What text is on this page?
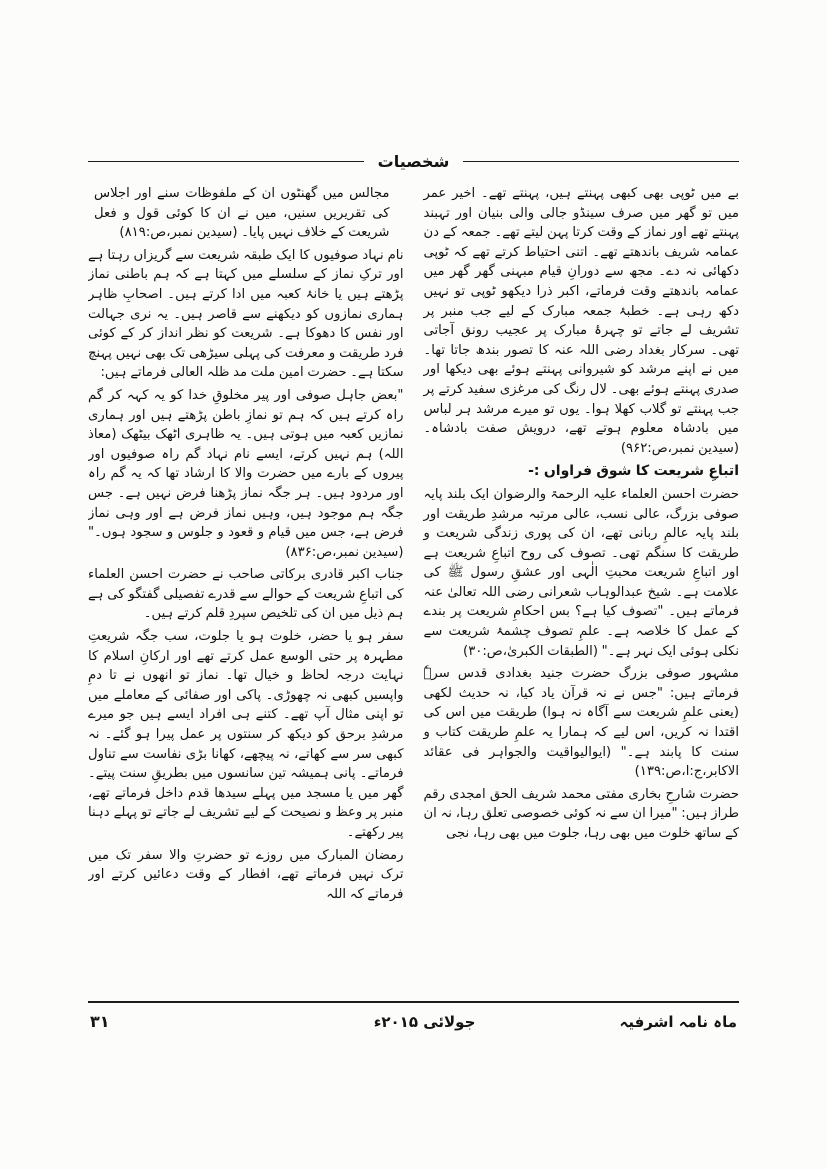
شخصیات

بے میں ٹوپی بھی کبھی پہنتے ہیں، پہنتے تھے۔ اخیر عمر میں تو گھر میں صرف سینڈو جالی والی بنیان اور تہبند پہنتے تھے اور نماز کے وقت کرتا پہن لیتے تھے۔ جمعہ کے دن عمامہ شریف باندھتے تھے۔ اتنی احتیاط کرتے تھے کہ ٹوپی دکھائی نہ دے۔ مجھ سے دورانِ قیام مبہنی گھر گھر میں عمامہ باندھتے وقت فرماتے، اکبر ذرا دیکھو ٹوپی تو نہیں دکھ رہی ہے۔ خطبۂ جمعہ مبارک کے لیے جب منبر پر تشریف لے جاتے تو چہرۂ مبارک پر عجیب رونق آجاتی تھی۔ سرکار بغداد رضی اللہ عنہ کا تصور بندھ جاتا تھا۔ میں نے اپنے مرشد کو شیروانی پہنتے ہوئے بھی دیکھا اور صدری پہنتے ہوئے بھی۔ لال رنگ کی مرغزی سفید کرتے پر جب پہنتے تو گلاب کھلا ہوا۔ یوں تو میرے مرشد ہر لباس میں بادشاہ معلوم ہوتے تھے، درویش صفت بادشاہ۔ (سیدین نمبر،ص:۹۶۲)

اتباعِ شریعت کا شوق فراواں :-

حضرت احسن العلماء علیہ الرحمۃ والرضوان ایک بلند پایہ صوفی بزرگ، عالی نسب، عالی مرتبہ مرشدِ طریقت اور بلند پایہ عالمِ ربانی تھے، ان کی پوری زندگی شریعت و طریقت کا سنگم تھی۔ تصوف کی روح اتباعِ شریعت ہے اور اتباعِ شریعت محبتِ الٰہی اور عشقِ رسول ﷺ کی علامت ہے۔ شیخ عبدالوہاب شعرانی رضی اللہ تعالیٰ عنہ فرماتے ہیں۔ "تصوف کیا ہے؟ بس احکامِ شریعت پر بندے کے عمل کا خلاصہ ہے۔ علمِ تصوف چشمۂ شریعت سے نکلی ہوئی ایک نہر ہے۔" (الطبقات الکبریٰ،ص:۳۰)

مشہور صوفی بزرگ حضرت جنید بغدادی قدس سرہٗ فرماتے ہیں: "جس نے نہ قرآن یاد کیا، نہ حدیث لکھی (یعنی علمِ شریعت سے آگاہ نہ ہوا) طریقت میں اس کی اقتدا نہ کریں، اس لیے کہ ہمارا یہ علمِ طریقت کتاب و سنت کا پابند ہے۔" (ایوالیواقیت والجواہر فی عقائد الاکابر،ج:ا،ص:۱۳۹)

حضرت شارحِ بخاری مفتی محمد شریف الحق امجدی رقم طراز ہیں: "میرا ان سے نہ کوئی خصوصی تعلق رہا، نہ ان کے ساتھ خلوت میں بھی رہا، جلوت میں بھی رہا، نجی

مجالس میں گھنٹوں ان کے ملفوظات سنے اور اجلاس کی تقریریں سنیں، میں نے ان کا کوئی قول و فعل شریعت کے خلاف نہیں پایا۔ (سیدین نمبر،ص:۸۱۹)

نام نہاد صوفیوں کا ایک طبقہ شریعت سے گریزاں رہتا ہے اور ترکِ نماز کے سلسلے میں کہتا ہے کہ ہم باطنی نماز پڑھتے ہیں یا خانۂ کعبہ میں ادا کرتے ہیں۔ اصحابِ ظاہر ہماری نمازوں کو دیکھنے سے قاصر ہیں۔ یہ نری جہالت اور نفس کا دھوکا ہے۔ شریعت کو نظر انداز کر کے کوئی فرد طریقت و معرفت کی پہلی سیڑھی تک بھی نہیں پہنچ سکتا ہے۔ حضرت امین ملت مد ظلہ العالی فرماتے ہیں:

"بعض جاہل صوفی اور پیر مخلوقِ خدا کو یہ کہہ کر گم راہ کرتے ہیں کہ ہم تو نمازِ باطن پڑھتے ہیں اور ہماری نمازیں کعبہ میں ہوتی ہیں۔ یہ ظاہری اٹھک بیٹھک (معاذ اللہ) ہم نہیں کرتے، ایسے نام نہاد گم راہ صوفیوں اور پیروں کے بارے میں حضرت والا کا ارشاد تھا کہ یہ گم راہ اور مردود ہیں۔ ہر جگہ نماز پڑھنا فرض نہیں ہے۔ جس جگہ ہم موجود ہیں، وہیں نماز فرض ہے اور وہی نماز فرض ہے، جس میں قیام و قعود و جلوس و سجود ہوں۔" (سیدین نمبر،ص:۸۳۶)

جناب اکبر قادری برکاتی صاحب نے حضرت احسن العلماء کی اتباعِ شریعت کے حوالے سے قدرے تفصیلی گفتگو کی ہے ہم ذیل میں ان کی تلخیص سپردِ قلم کرتے ہیں۔

سفر ہو یا حضر، خلوت ہو یا جلوت، سب جگہ شریعتِ مطہرہ پر حتی الوسع عمل کرتے تھے اور ارکانِ اسلام کا نہایت درجہ لحاظ و خیال تھا۔ نماز تو انھوں نے تا دمِ واپسیں کبھی نہ چھوڑی۔ پاکی اور صفائی کے معاملے میں تو اپنی مثال آپ تھے۔ کتنے ہی افراد ایسے ہیں جو میرے مرشدِ برحق کو دیکھ کر سنتوں پر عمل پیرا ہو گئے۔ نہ کبھی سر سے کھاتے، نہ پیچھے، کھانا بڑی نفاست سے تناول فرماتے۔ پانی ہمیشہ تین سانسوں میں بطریقِ سنت پیتے۔ گھر میں یا مسجد میں پہلے سیدھا قدم داخل فرماتے تھے، منبر پر وعظ و نصیحت کے لیے تشریف لے جاتے تو پہلے دہنا پیر رکھتے۔

رمضان المبارک میں روزے تو حضرتِ والا سفر تک میں ترک نہیں فرماتے تھے، افطار کے وقت دعائیں کرتے اور فرماتے کہ اللہ

ماہ نامہ اشرفیہ
جولائی ۲۰۱۵ء
۳۱
